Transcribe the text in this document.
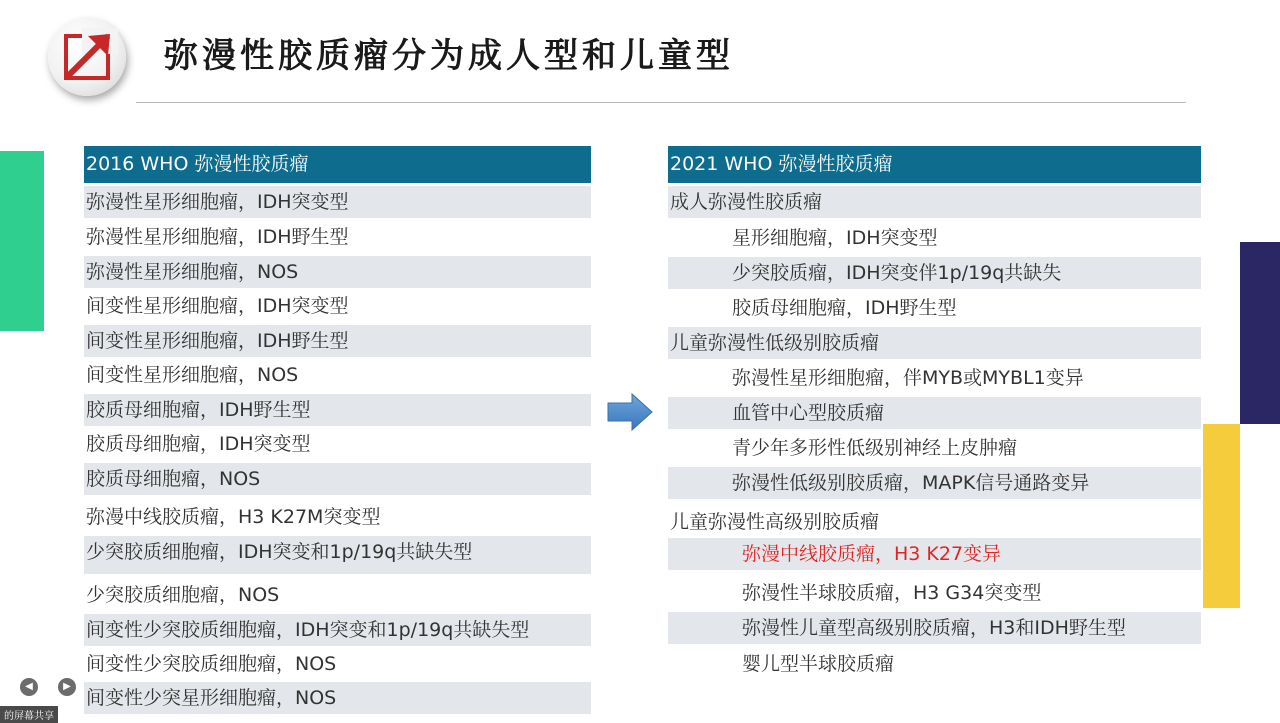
弥漫性胶质瘤分为成人型和儿童型
2016 WHO 弥漫性胶质瘤
弥漫性星形细胞瘤，IDH突变型
弥漫性星形细胞瘤，IDH野生型
弥漫性星形细胞瘤，NOS
间变性星形细胞瘤，IDH突变型
间变性星形细胞瘤，IDH野生型
间变性星形细胞瘤，NOS
胶质母细胞瘤，IDH野生型
胶质母细胞瘤，IDH突变型
胶质母细胞瘤，NOS
弥漫中线胶质瘤，H3 K27M突变型
少突胶质细胞瘤，IDH突变和1p/19q共缺失型
少突胶质细胞瘤，NOS
间变性少突胶质细胞瘤，IDH突变和1p/19q共缺失型
间变性少突胶质细胞瘤，NOS
间变性少突星形细胞瘤，NOS
2021 WHO 弥漫性胶质瘤
成人弥漫性胶质瘤
星形细胞瘤，IDH突变型
少突胶质瘤，IDH突变伴1p/19q共缺失
胶质母细胞瘤，IDH野生型
儿童弥漫性低级别胶质瘤
弥漫性星形细胞瘤，伴MYB或MYBL1变异
血管中心型胶质瘤
青少年多形性低级别神经上皮肿瘤
弥漫性低级别胶质瘤，MAPK信号通路变异
儿童弥漫性高级别胶质瘤
弥漫中线胶质瘤，H3 K27变异
弥漫性半球胶质瘤，H3 G34突变型
弥漫性儿童型高级别胶质瘤，H3和IDH野生型
婴儿型半球胶质瘤
◀	▶
的屏幕共享
